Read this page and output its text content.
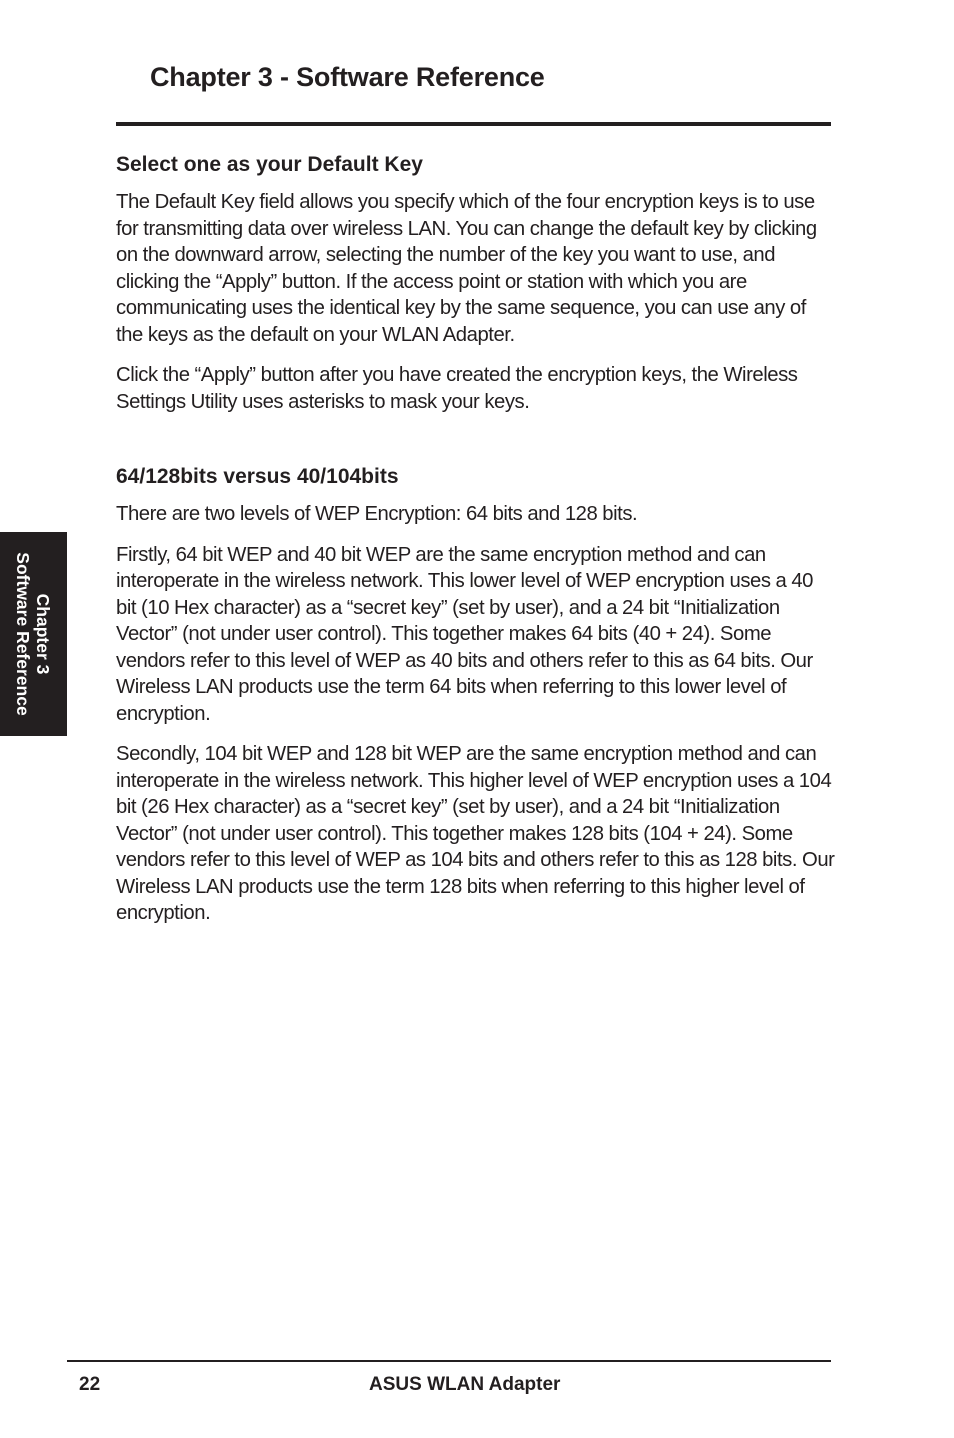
Chapter 3 - Software Reference
Select one as your Default Key

The Default Key field allows you specify which of the four encryption keys is to use for transmitting data over wireless LAN. You can change the default key by clicking on the downward arrow, selecting the number of the key you want to use, and clicking the “Apply” button. If the access point or station with which you are communicating uses the identical key by the same sequence, you can use any of the keys as the default on your WLAN Adapter.

Click the “Apply” button after you have created the encryption keys, the Wireless Settings Utility uses asterisks to mask your keys.

64/128bits versus 40/104bits

There are two levels of WEP Encryption: 64 bits and 128 bits.

Firstly, 64 bit WEP and 40 bit WEP are the same encryption method and can interoperate in the wireless network. This lower level of WEP encryption uses a 40 bit (10 Hex character) as a “secret key” (set by user), and a 24 bit “Initialization Vector” (not under user control). This together makes 64 bits (40 + 24). Some vendors refer to this level of WEP as 40 bits and others refer to this as 64 bits. Our Wireless LAN products use the term 64 bits when referring to this lower level of encryption.

Secondly, 104 bit WEP and 128 bit WEP are the same encryption method and can interoperate in the wireless network. This higher level of WEP encryption uses a 104 bit (26 Hex character) as a “secret key” (set by user), and a 24 bit “Initialization Vector” (not under user control). This together makes 128 bits (104 + 24). Some vendors refer to this level of WEP as 104 bits and others refer to this as 128 bits. Our Wireless LAN products use the term 128 bits when referring to this higher level of encryption.

Chapter 3
Software Reference
22	ASUS WLAN Adapter
